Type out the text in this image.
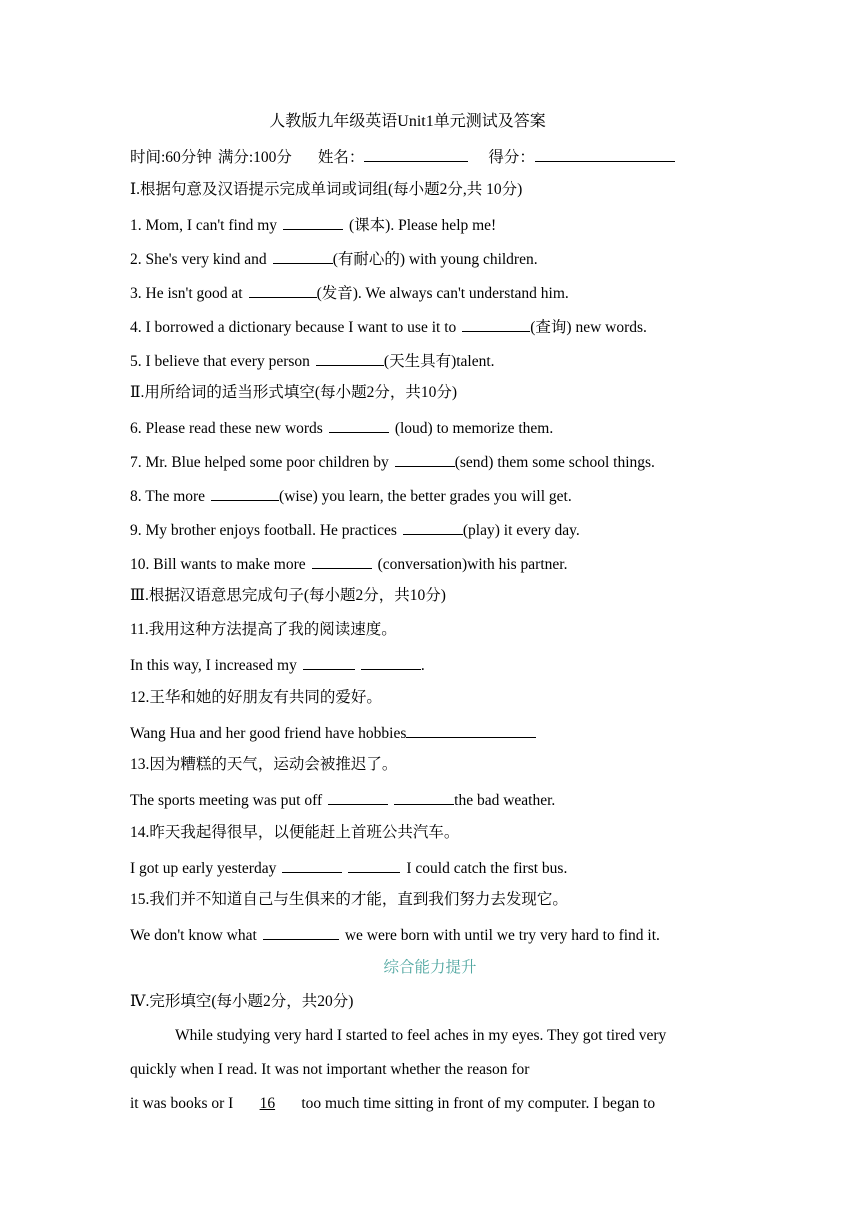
人教版九年级英语Unit1单元测试及答案
时间:60分钟 满分:100分 姓名：	得分：
Ⅰ.根据句意及汉语提示完成单词或词组(每小题2分,共 10分)
1. Mom, I can't find my	(课本). Please help me!
2. She's very kind and	(有耐心的) with young children.
3. He isn't good at	(发音). We always can't understand him.
4. I borrowed a dictionary because I want to use it to	(查询) new words.
5. I believe that every person	(天生具有)talent.
Ⅱ.用所给词的适当形式填空(每小题2分，共10分)
6. Please read these new words	(loud) to memorize them.
7. Mr. Blue helped some poor children by	(send) them some school things.
8. The more	(wise) you learn, the better grades you will get.
9. My brother enjoys football. He practices	(play) it every day.
10. Bill wants to make more	(conversation)with his partner.
Ⅲ.根据汉语意思完成句子(每小题2分，共10分)
11.我用这种方法提高了我的阅读速度。
In this way, I increased my	.
12.王华和她的好朋友有共同的爱好。
Wang Hua and her good friend have hobbies
13.因为糟糕的天气，运动会被推迟了。
The sports meeting was put off	the bad weather.
14.昨天我起得很早，以便能赶上首班公共汽车。
I got up early yesterday	I could catch the first bus.
15.我们并不知道自己与生俱来的才能，直到我们努力去发现它。
We don't know what	we were born with until we try very hard to find it.
综合能力提升
Ⅳ.完形填空(每小题2分，共20分)
While studying very hard I started to feel aches in my eyes. They got tired very
quickly when I read. It was not important whether the reason for
it was books or I 16 too much time sitting in front of my computer. I began to
